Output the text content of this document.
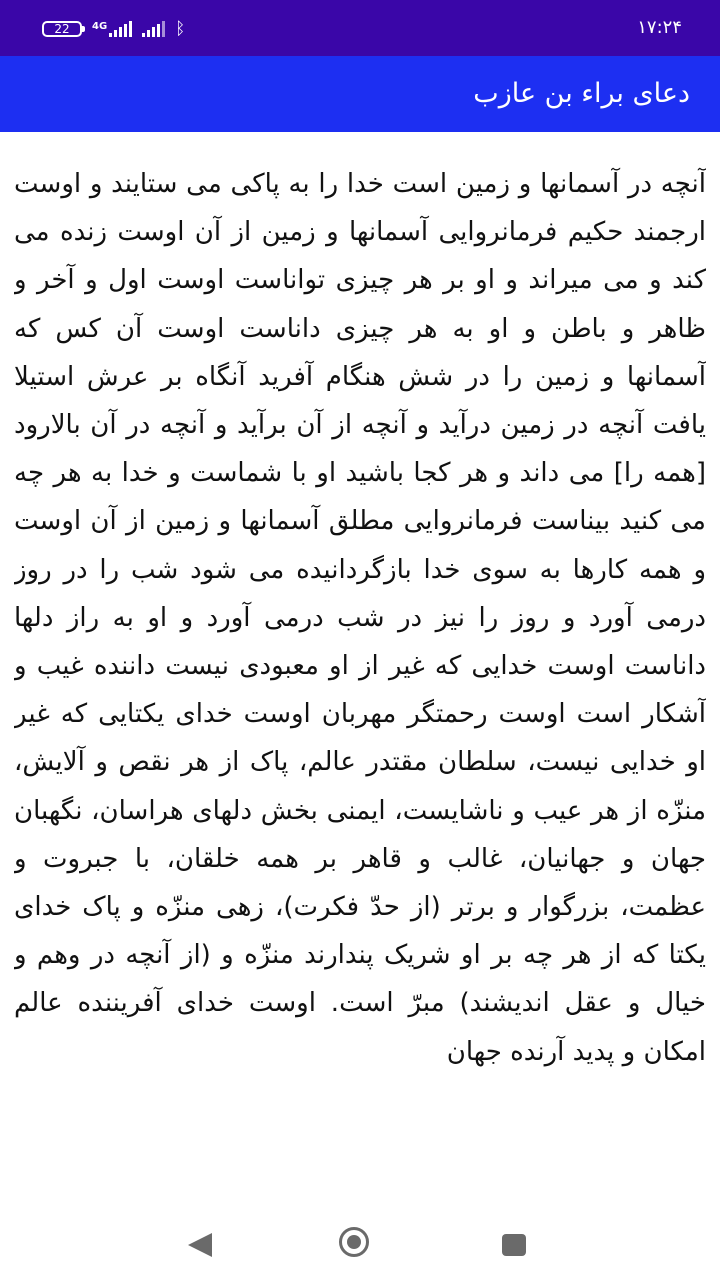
22 4G	ᛒ	۱۷:۲۴
دعای براء بن عازب

آنچه در آسمانها و زمین است خدا را به پاکی می ستایند و اوست ارجمند حکیم فرمانروایی آسمانها و زمین از آن اوست زنده می کند و می میراند و او بر هر چیزی تواناست اوست اول و آخر و ظاهر و باطن و او به هر چیزی داناست اوست آن کس که آسمانها و زمین را در شش هنگام آفرید آنگاه بر عرش استیلا یافت آنچه در زمین درآید و آنچه از آن برآید و آنچه در آن بالارود [همه را] می داند و هر کجا باشید او با شماست و خدا به هر چه می کنید بیناست فرمانروایی مطلق آسمانها و زمین از آن اوست و همه کارها به سوی خدا بازگردانیده می شود شب را در روز درمی آورد و روز را نیز در شب درمی آورد و او به راز دلها داناست اوست خدایی که غیر از او معبودی نیست داننده غیب و آشکار است اوست رحمتگر مهربان اوست خدای یکتایی که غیر او خدایی نیست، سلطان مقتدر عالم، پاک از هر نقص و آلایش، منزّه از هر عیب و ناشایست، ایمنی بخش دلهای هراسان، نگهبان جهان و جهانیان، غالب و قاهر بر همه خلقان، با جبروت و عظمت، بزرگوار و برتر (از حدّ فکرت)، زهی منزّه و پاک خدای یکتا که از هر چه بر او شریک پندارند منزّه و (از آنچه در وهم و خیال و عقل اندیشند) مبرّ است. اوست خدای آفریننده عالم امکان و پدید آرنده جهان
